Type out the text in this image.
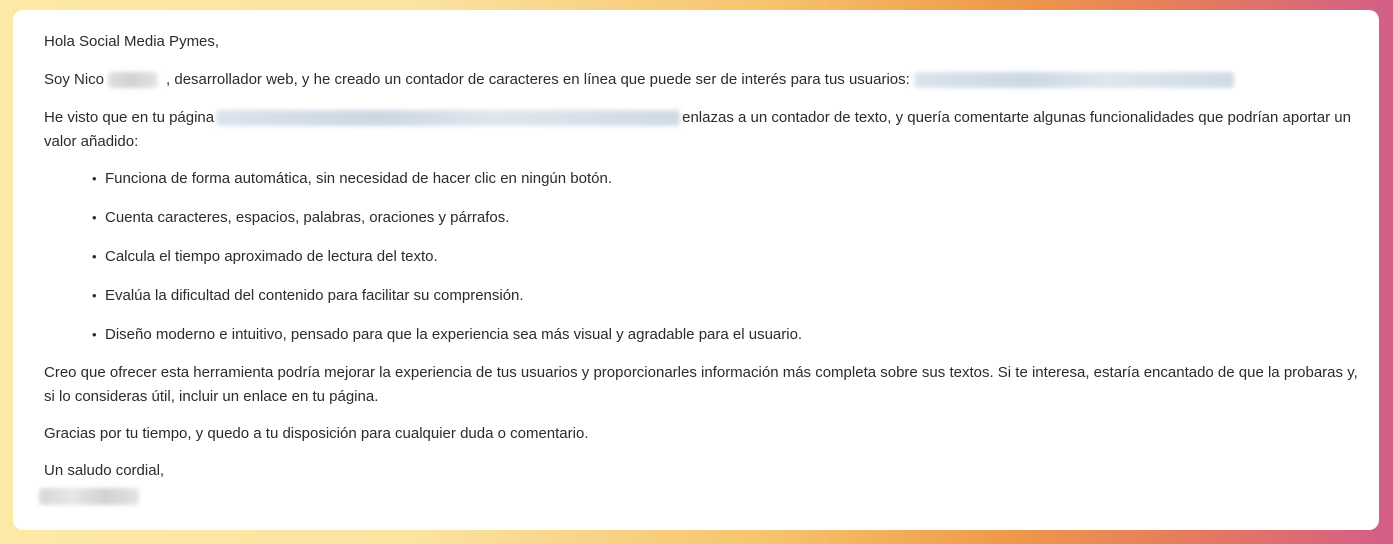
Hola Social Media Pymes,

Soy Nico	, desarrollador web, y he creado un contador de caracteres en línea que puede ser de interés para tus usuarios:

He visto que en tu página	enlazas a un contador de texto, y quería comentarte algunas funcionalidades que podrían aportar un valor añadido:

• Funciona de forma automática, sin necesidad de hacer clic en ningún botón.
• Cuenta caracteres, espacios, palabras, oraciones y párrafos.
• Calcula el tiempo aproximado de lectura del texto.
• Evalúa la dificultad del contenido para facilitar su comprensión.
• Diseño moderno e intuitivo, pensado para que la experiencia sea más visual y agradable para el usuario.

Creo que ofrecer esta herramienta podría mejorar la experiencia de tus usuarios y proporcionarles información más completa sobre sus textos. Si te interesa, estaría encantado de que la probaras y, si lo consideras útil, incluir un enlace en tu página.

Gracias por tu tiempo, y quedo a tu disposición para cualquier duda o comentario.

Un saludo cordial,
